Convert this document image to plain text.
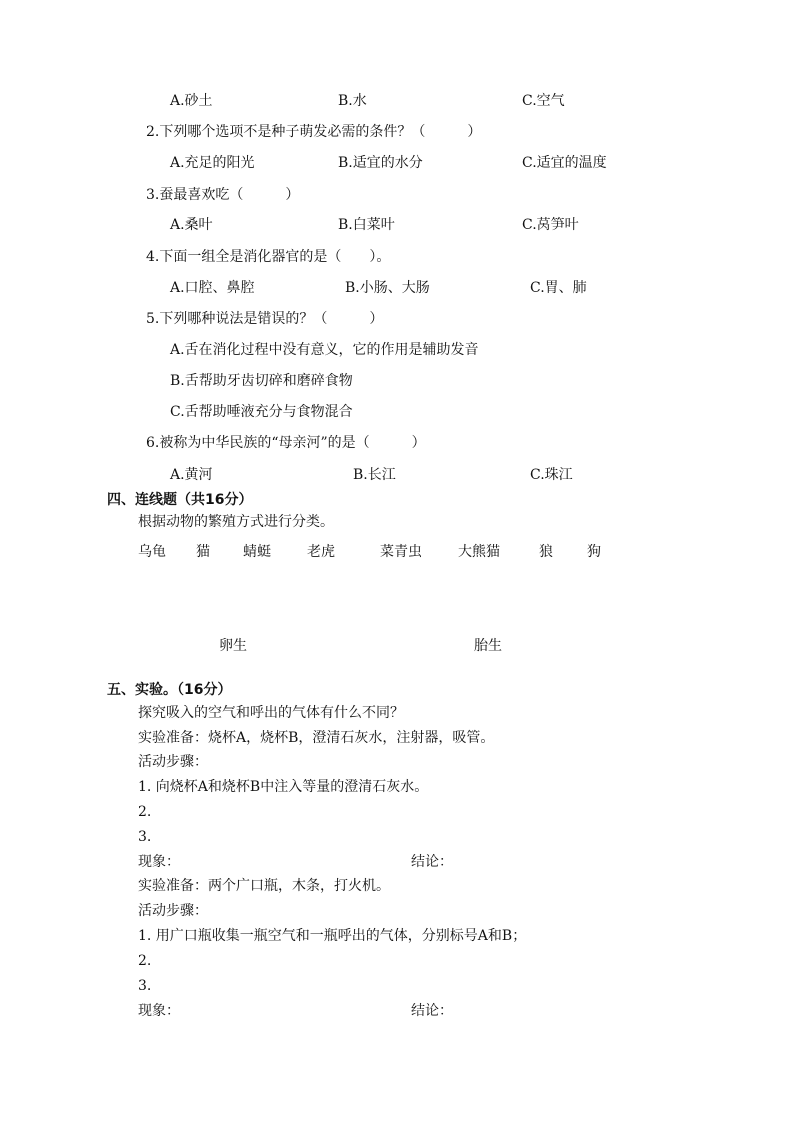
A.砂土	B.水	C.空气
2.下列哪个选项不是种子萌发必需的条件？（　　　）
A.充足的阳光	B.适宜的水分	C.适宜的温度
3.蚕最喜欢吃（　　　）
A.桑叶	B.白菜叶	C.莴笋叶
4.下面一组全是消化器官的是（　　）。
A.口腔、鼻腔	B.小肠、大肠	C.胃、肺
5.下列哪种说法是错误的？（　　　）
A.舌在消化过程中没有意义，它的作用是辅助发音
B.舌帮助牙齿切碎和磨碎食物
C.舌帮助唾液充分与食物混合
6.被称为中华民族的“母亲河”的是（　　　）
A.黄河	B.长江	C.珠江
四、连线题（共16分）
根据动物的繁殖方式进行分类。
乌龟 猫 蜻蜓	老虎	菜青虫	大熊猫	狼 狗
卵生	胎生
五、实验。（16分）
探究吸入的空气和呼出的气体有什么不同？
实验准备：烧杯A，烧杯B，澄清石灰水，注射器，吸管。
活动步骤：
1. 向烧杯A和烧杯B中注入等量的澄清石灰水。
2.
3.
现象：	结论：
实验准备：两个广口瓶，木条，打火机。
活动步骤：
1. 用广口瓶收集一瓶空气和一瓶呼出的气体，分别标号A和B；
2.
3.
现象：	结论：
